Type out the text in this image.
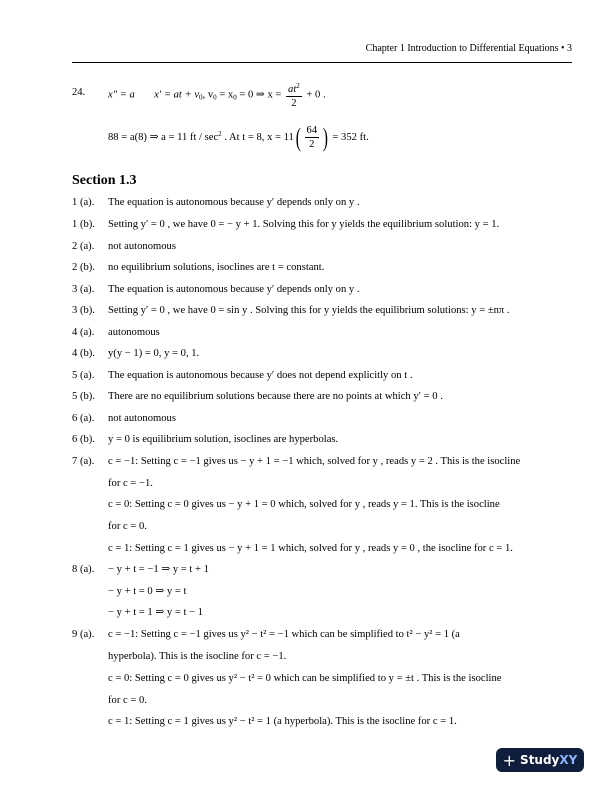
Chapter 1 Introduction to Differential Equations • 3
24. x″ = a x′ = at + $v_0$, $v_0 = x_0 = 0$ ⇒ $x = \frac{at^2}{2} + 0$ .
88 = a(8) ⇒ a = 11 ft / $\sec^2$ . At t = 8, $x = 11( \frac{64}{2}$ ) = 352 ft.
Section 1.3
1 (a).	The equation is autonomous because y′ depends only on y .
1 (b).	Setting y′ = 0 , we have 0 = − y + 1. Solving this for y yields the equilibrium solution: y = 1.
2 (a).	not autonomous
2 (b).	no equilibrium solutions, isoclines are t = constant.
3 (a).	The equation is autonomous because y′ depends only on y .
3 (b).	Setting y′ = 0 , we have 0 = sin y . Solving this for y yields the equilibrium solutions: y = ±nπ .
4 (a).	autonomous
4 (b).	y(y − 1) = 0, y = 0, 1.
5 (a).	The equation is autonomous because y′ does not depend explicitly on t .
5 (b).	There are no equilibrium solutions because there are no points at which y′ = 0 .
6 (a).	not autonomous
6 (b).	y = 0 is equilibrium solution, isoclines are hyperbolas.
7 (a).	c = −1: Setting c = −1 gives us − y + 1 = −1 which, solved for y , reads y = 2 . This is the isocline
for c = −1.
c = 0: Setting c = 0 gives us − y + 1 = 0 which, solved for y , reads y = 1. This is the isocline
for c = 0.
c = 1: Setting c = 1 gives us − y + 1 = 1 which, solved for y , reads y = 0 , the isocline for c = 1.
8 (a).	− y + t = −1 ⇒ y = t + 1
− y + t = 0 ⇒ y = t
− y + t = 1 ⇒ y = t − 1
9 (a).	c = −1: Setting c = −1 gives us y² − t² = −1 which can be simplified to t² − y² = 1 (a
hyperbola). This is the isocline for c = −1.
c = 0: Setting c = 0 gives us y² − t² = 0 which can be simplified to y = ±t . This is the isocline
for c = 0.
c = 1: Setting c = 1 gives us y² − t² = 1 (a hyperbola). This is the isocline for c = 1.
+ StudyXY
